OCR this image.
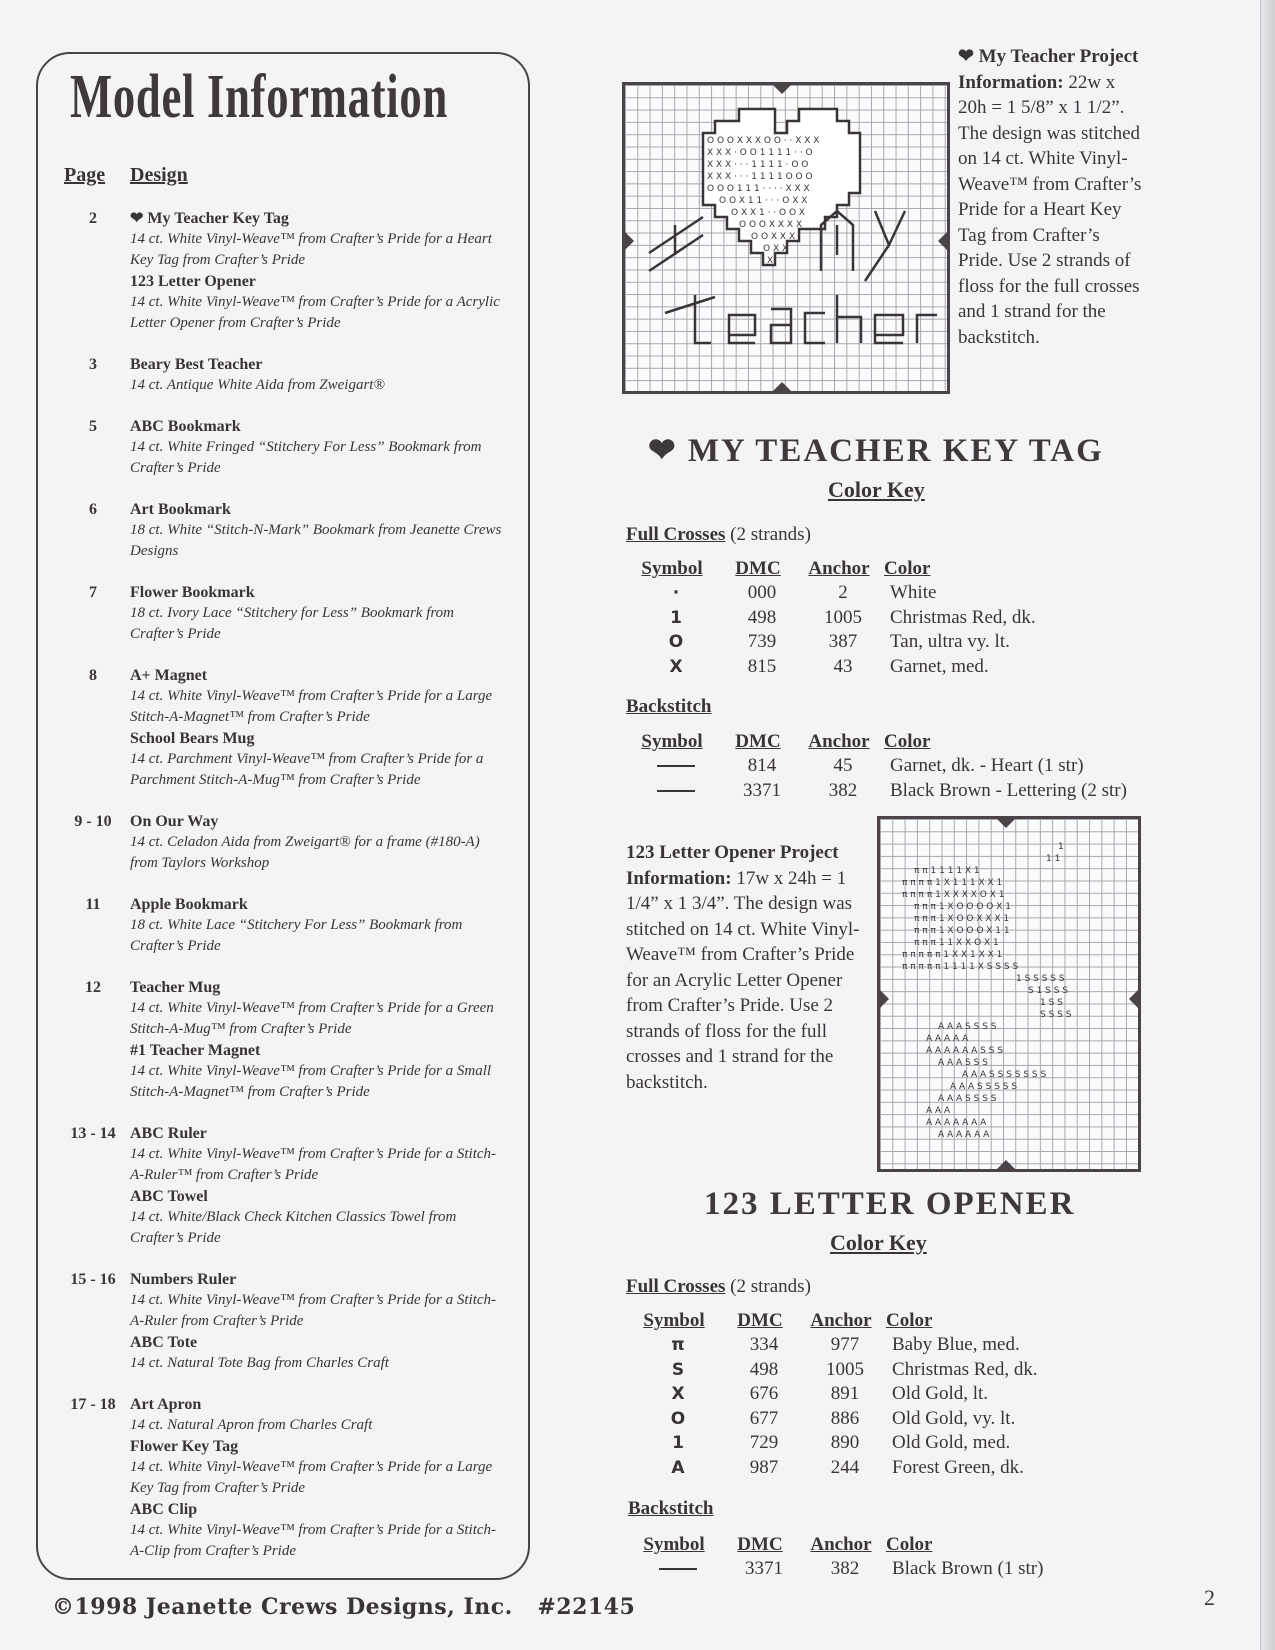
Model Information
Page Design
2	❤ My Teacher Key Tag
14 ct. White Vinyl-Weave™ from Crafter’s Pride for a Heart Key Tag from Crafter’s Pride
123 Letter Opener
14 ct. White Vinyl-Weave™ from Crafter’s Pride for a Acrylic Letter Opener from Crafter’s Pride
3	Beary Best Teacher
14 ct. Antique White Aida from Zweigart®
5	ABC Bookmark
14 ct. White Fringed “Stitchery For Less” Bookmark from Crafter’s Pride
6	Art Bookmark
18 ct. White “Stitch-N-Mark” Bookmark from Jeanette Crews Designs
7	Flower Bookmark
18 ct. Ivory Lace “Stitchery for Less” Bookmark from Crafter’s Pride
8	A+ Magnet
14 ct. White Vinyl-Weave™ from Crafter’s Pride for a Large Stitch-A-Magnet™ from Crafter’s Pride
School Bears Mug
14 ct. Parchment Vinyl-Weave™ from Crafter’s Pride for a Parchment Stitch-A-Mug™ from Crafter’s Pride
9 - 10	On Our Way
14 ct. Celadon Aida from Zweigart® for a frame (#180-A) from Taylors Workshop
11	Apple Bookmark
18 ct. White Lace “Stitchery For Less” Bookmark from Crafter’s Pride
12	Teacher Mug
14 ct. White Vinyl-Weave™ from Crafter’s Pride for a Green Stitch-A-Mug™ from Crafter’s Pride
#1 Teacher Magnet
14 ct. White Vinyl-Weave™ from Crafter’s Pride for a Small Stitch-A-Magnet™ from Crafter’s Pride
13 - 14 ABC Ruler
14 ct. White Vinyl-Weave™ from Crafter’s Pride for a Stitch-A-Ruler™ from Crafter’s Pride
ABC Towel
14 ct. White/Black Check Kitchen Classics Towel from Crafter’s Pride
15 - 16 Numbers Ruler
14 ct. White Vinyl-Weave™ from Crafter’s Pride for a Stitch-A-Ruler from Crafter’s Pride
ABC Tote
14 ct. Natural Tote Bag from Charles Craft
17 - 18 Art Apron
14 ct. Natural Apron from Charles Craft
Flower Key Tag
14 ct. White Vinyl-Weave™ from Crafter’s Pride for a Large Key Tag from Crafter’s Pride
ABC Clip
14 ct. White Vinyl-Weave™ from Crafter’s Pride for a Stitch-A-Clip from Crafter’s Pride
©1998 Jeanette Crews Designs, Inc.   #22145	2
O O O X X X O O · · X X X
X X X · O O 1 1 1 1 · · O
X X X · · · 1 1 1 1 · O O
X X X · · · 1 1 1 1 O O O
O O O 1 1 1 · · · · X X X
O O X 1 1 · · · O X X
O X X 1 · · O O X
O O O X X X X
O O X X X
O X X
X
❤ My Teacher Project Information: 22w x 20h = 1 5/8” x 1 1/2”. The design was stitched on 14 ct. White Vinyl-Weave™ from Crafter’s Pride for a Heart Key Tag from Crafter’s Pride. Use 2 strands of floss for the full crosses and 1 strand for the backstitch.
❤ MY TEACHER KEY TAG
Color Key
Full Crosses (2 strands)
Symbol	DMC	Anchor	Color
·	000	2	White
1	498	1005	Christmas Red, dk.
O	739	387	Tan, ultra vy. lt.
X	815	43	Garnet, med.
Backstitch
Symbol	DMC	Anchor	Color
	814	45	Garnet, dk. - Heart (1 str)
	3371	382	Black Brown - Lettering (2 str)
123 Letter Opener Project Information: 17w x 24h = 1 1/4” x 1 3/4”. The design was stitched on 14 ct. White Vinyl-Weave™ from Crafter’s Pride for an Acrylic Letter Opener from Crafter’s Pride. Use 2 strands of floss for the full crosses and 1 strand for the backstitch.
1
1 1
π π 1 1 1 1 X 1
π π π π 1 X 1 1 1 X X 1
π π π π 1 X X X X O X 1
π π π 1 X O O O O X 1
π π π 1 X O O X X X 1
π π π 1 X O O O X 1 1
π π π 1 1 X X O X 1
π π π π π 1 X X 1 X X 1
π π π π π 1 1 1 1 X S S S S
1 S S S S S
S 1 S S S
1 S S
S S S S
A A A S S S S
A A A A A
A A A A A A S S S
A A A S S S
A A A S S S S S S S
A A A S S S S S
A A A S S S S
A A A
A A A A A A A
A A A A A A
123 LETTER OPENER
Color Key
Full Crosses (2 strands)
Symbol	DMC	Anchor	Color
π	334	977	Baby Blue, med.
S	498	1005	Christmas Red, dk.
X	676	891	Old Gold, lt.
O	677	886	Old Gold, vy. lt.
1	729	890	Old Gold, med.
A	987	244	Forest Green, dk.
Backstitch
Symbol	DMC	Anchor	Color
	3371	382	Black Brown (1 str)
